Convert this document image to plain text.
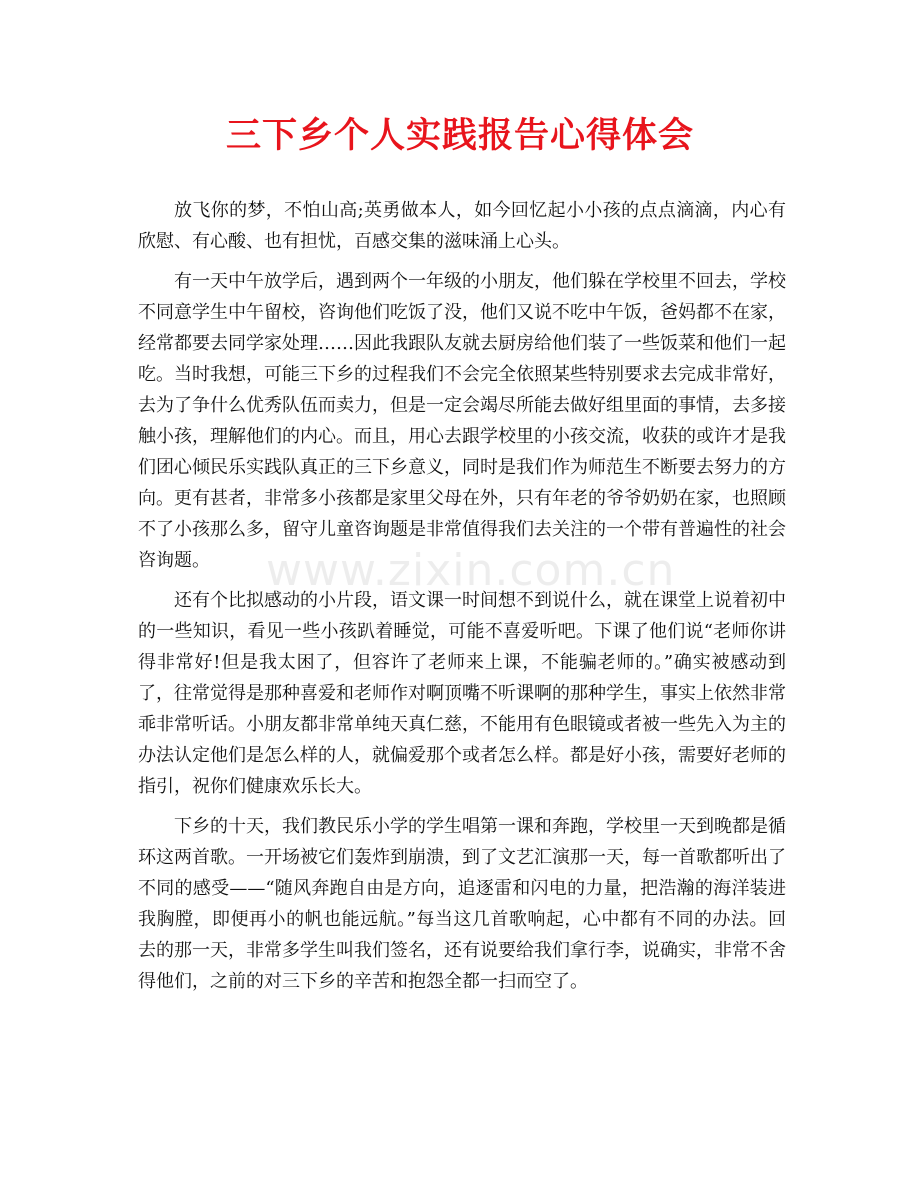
三下乡个人实践报告心得体会
www.zixin.com.cn

放飞你的梦，不怕山高;英勇做本人，如今回忆起小小孩的点点滴滴，内心有欣慰、有心酸、也有担忧，百感交集的滋味涌上心头。

有一天中午放学后，遇到两个一年级的小朋友，他们躲在学校里不回去，学校不同意学生中午留校，咨询他们吃饭了没，他们又说不吃中午饭，爸妈都不在家，经常都要去同学家处理……因此我跟队友就去厨房给他们装了一些饭菜和他们一起吃。当时我想，可能三下乡的过程我们不会完全依照某些特别要求去完成非常好，去为了争什么优秀队伍而卖力，但是一定会竭尽所能去做好组里面的事情，去多接触小孩，理解他们的内心。而且，用心去跟学校里的小孩交流，收获的或许才是我们团心倾民乐实践队真正的三下乡意义，同时是我们作为师范生不断要去努力的方向。更有甚者，非常多小孩都是家里父母在外，只有年老的爷爷奶奶在家，也照顾不了小孩那么多，留守儿童咨询题是非常值得我们去关注的一个带有普遍性的社会咨询题。

还有个比拟感动的小片段，语文课一时间想不到说什么，就在课堂上说着初中的一些知识，看见一些小孩趴着睡觉，可能不喜爱听吧。下课了他们说“老师你讲得非常好!但是我太困了，但容许了老师来上课，不能骗老师的。”确实被感动到了，往常觉得是那种喜爱和老师作对啊顶嘴不听课啊的那种学生，事实上依然非常乖非常听话。小朋友都非常单纯天真仁慈，不能用有色眼镜或者被一些先入为主的办法认定他们是怎么样的人，就偏爱那个或者怎么样。都是好小孩，需要好老师的指引，祝你们健康欢乐长大。

下乡的十天，我们教民乐小学的学生唱第一课和奔跑，学校里一天到晚都是循环这两首歌。一开场被它们轰炸到崩溃，到了文艺汇演那一天，每一首歌都听出了不同的感受——“随风奔跑自由是方向，追逐雷和闪电的力量，把浩瀚的海洋装进我胸膛，即便再小的帆也能远航。”每当这几首歌响起，心中都有不同的办法。回去的那一天，非常多学生叫我们签名，还有说要给我们拿行李，说确实，非常不舍得他们，之前的对三下乡的辛苦和抱怨全都一扫而空了。
